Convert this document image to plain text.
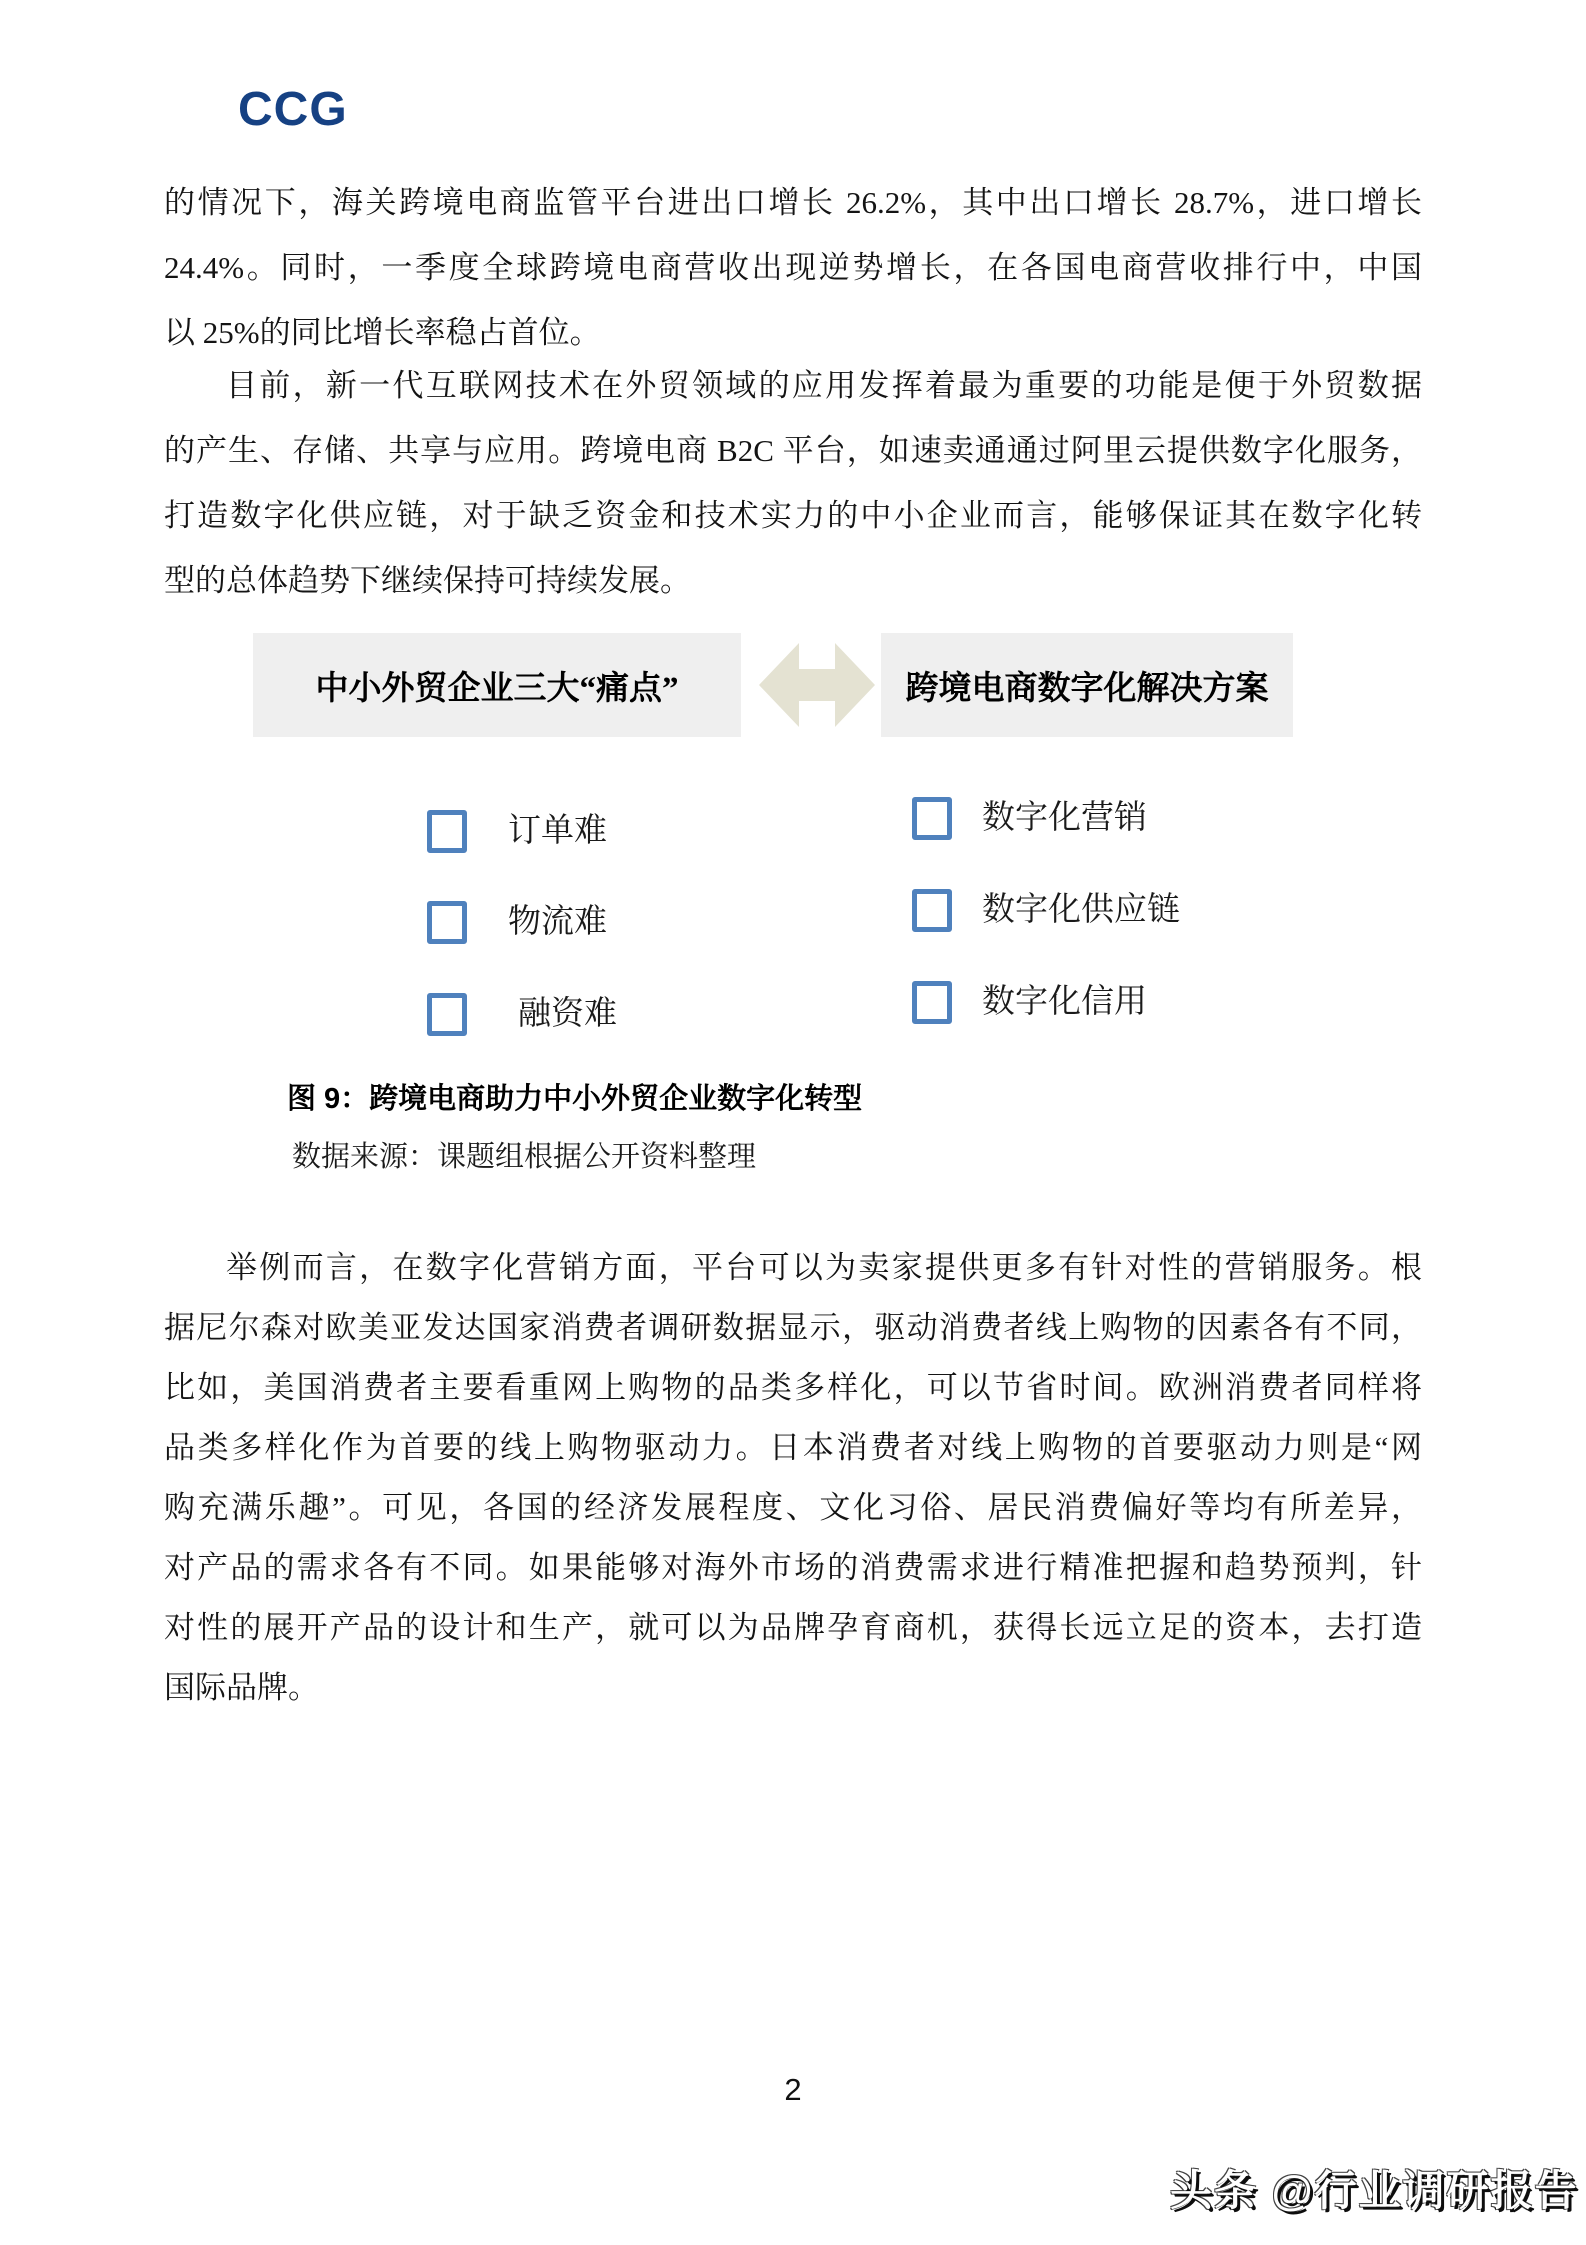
CCG
的情况下，海关跨境电商监管平台进出口增长 26.2%，其中出口增长 28.7%，进口增长
24.4%。同时，一季度全球跨境电商营收出现逆势增长，在各国电商营收排行中，中国
以 25%的同比增长率稳占首位。
目前，新一代互联网技术在外贸领域的应用发挥着最为重要的功能是便于外贸数据
的产生、存储、共享与应用。跨境电商 B2C 平台，如速卖通通过阿里云提供数字化服务，
打造数字化供应链，对于缺乏资金和技术实力的中小企业而言，能够保证其在数字化转
型的总体趋势下继续保持可持续发展。
中小外贸企业三大“痛点”	跨境电商数字化解决方案
订单难
物流难
融资难
数字化营销
数字化供应链
数字化信用
图 9：跨境电商助力中小外贸企业数字化转型
数据来源：课题组根据公开资料整理
举例而言，在数字化营销方面，平台可以为卖家提供更多有针对性的营销服务。根
据尼尔森对欧美亚发达国家消费者调研数据显示，驱动消费者线上购物的因素各有不同，
比如，美国消费者主要看重网上购物的品类多样化，可以节省时间。欧洲消费者同样将
品类多样化作为首要的线上购物驱动力。日本消费者对线上购物的首要驱动力则是“网
购充满乐趣”。可见，各国的经济发展程度、文化习俗、居民消费偏好等均有所差异，
对产品的需求各有不同。如果能够对海外市场的消费需求进行精准把握和趋势预判，针
对性的展开产品的设计和生产，就可以为品牌孕育商机，获得长远立足的资本，去打造
国际品牌。
2
头条 @行业调研报告
